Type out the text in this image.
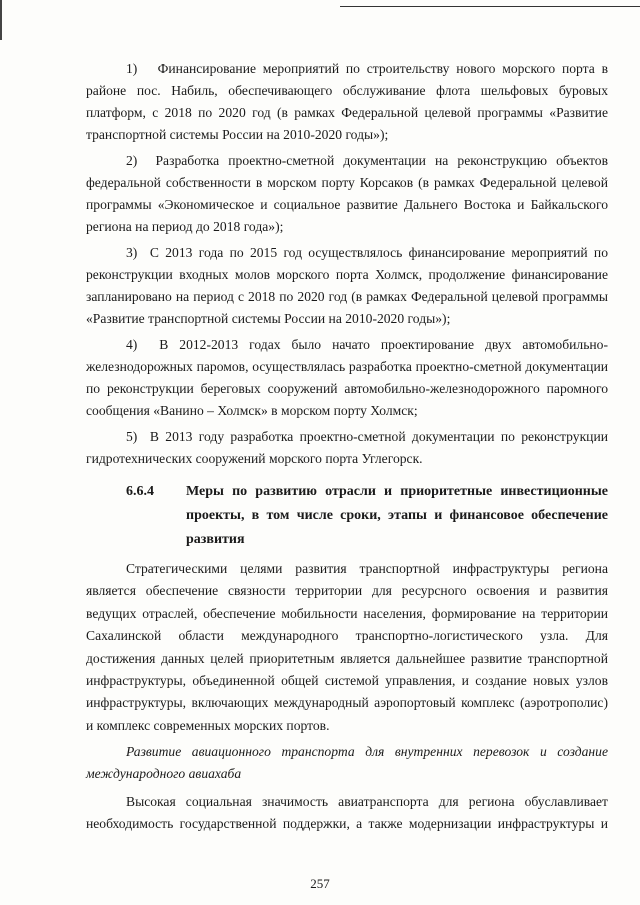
1)   Финансирование мероприятий по строительству нового морского порта в районе пос. Набиль, обеспечивающего обслуживание флота шельфовых буровых платформ, с 2018 по 2020 год (в рамках Федеральной целевой программы «Развитие транспортной системы России на 2010-2020 годы»);

2)  Разработка проектно-сметной документации на реконструкцию объектов федеральной собственности в морском порту Корсаков (в рамках Федеральной целевой программы «Экономическое и социальное развитие Дальнего Востока и Байкальского региона на период до 2018 года»);

3)  С 2013 года по 2015 год осуществлялось финансирование мероприятий по реконструкции входных молов морского порта Холмск, продолжение финансирование запланировано на период с 2018 по 2020 год (в рамках Федеральной целевой программы «Развитие транспортной системы России на 2010-2020 годы»);

4)  В 2012-2013 годах было начато проектирование двух автомобильно-железнодорожных паромов, осуществлялась разработка проектно-сметной документации по реконструкции береговых сооружений автомобильно-железнодорожного паромного сообщения «Ванино – Холмск» в морском порту Холмск;

5)  В 2013 году разработка проектно-сметной документации по реконструкции гидротехнических сооружений морского порта Углегорск.

6.6.4	Меры по развитию отрасли и приоритетные инвестиционные
проекты, в том числе сроки, этапы и финансовое обеспечение
развития

Стратегическими целями развития транспортной инфраструктуры региона является обеспечение связности территории для ресурсного освоения и развития ведущих отраслей, обеспечение мобильности населения, формирование на территории Сахалинской области международного транспортно-логистического узла. Для достижения данных целей приоритетным является дальнейшее развитие транспортной инфраструктуры, объединенной общей системой управления, и создание новых узлов инфраструктуры, включающих международный аэропортовый комплекс (аэротрополис) и комплекс современных морских портов.

Развитие авиационного транспорта для внутренних перевозок и создание международного авиахаба

Высокая социальная значимость авиатранспорта для региона обуславливает необходимость государственной поддержки, а также модернизации инфраструктуры и

257
